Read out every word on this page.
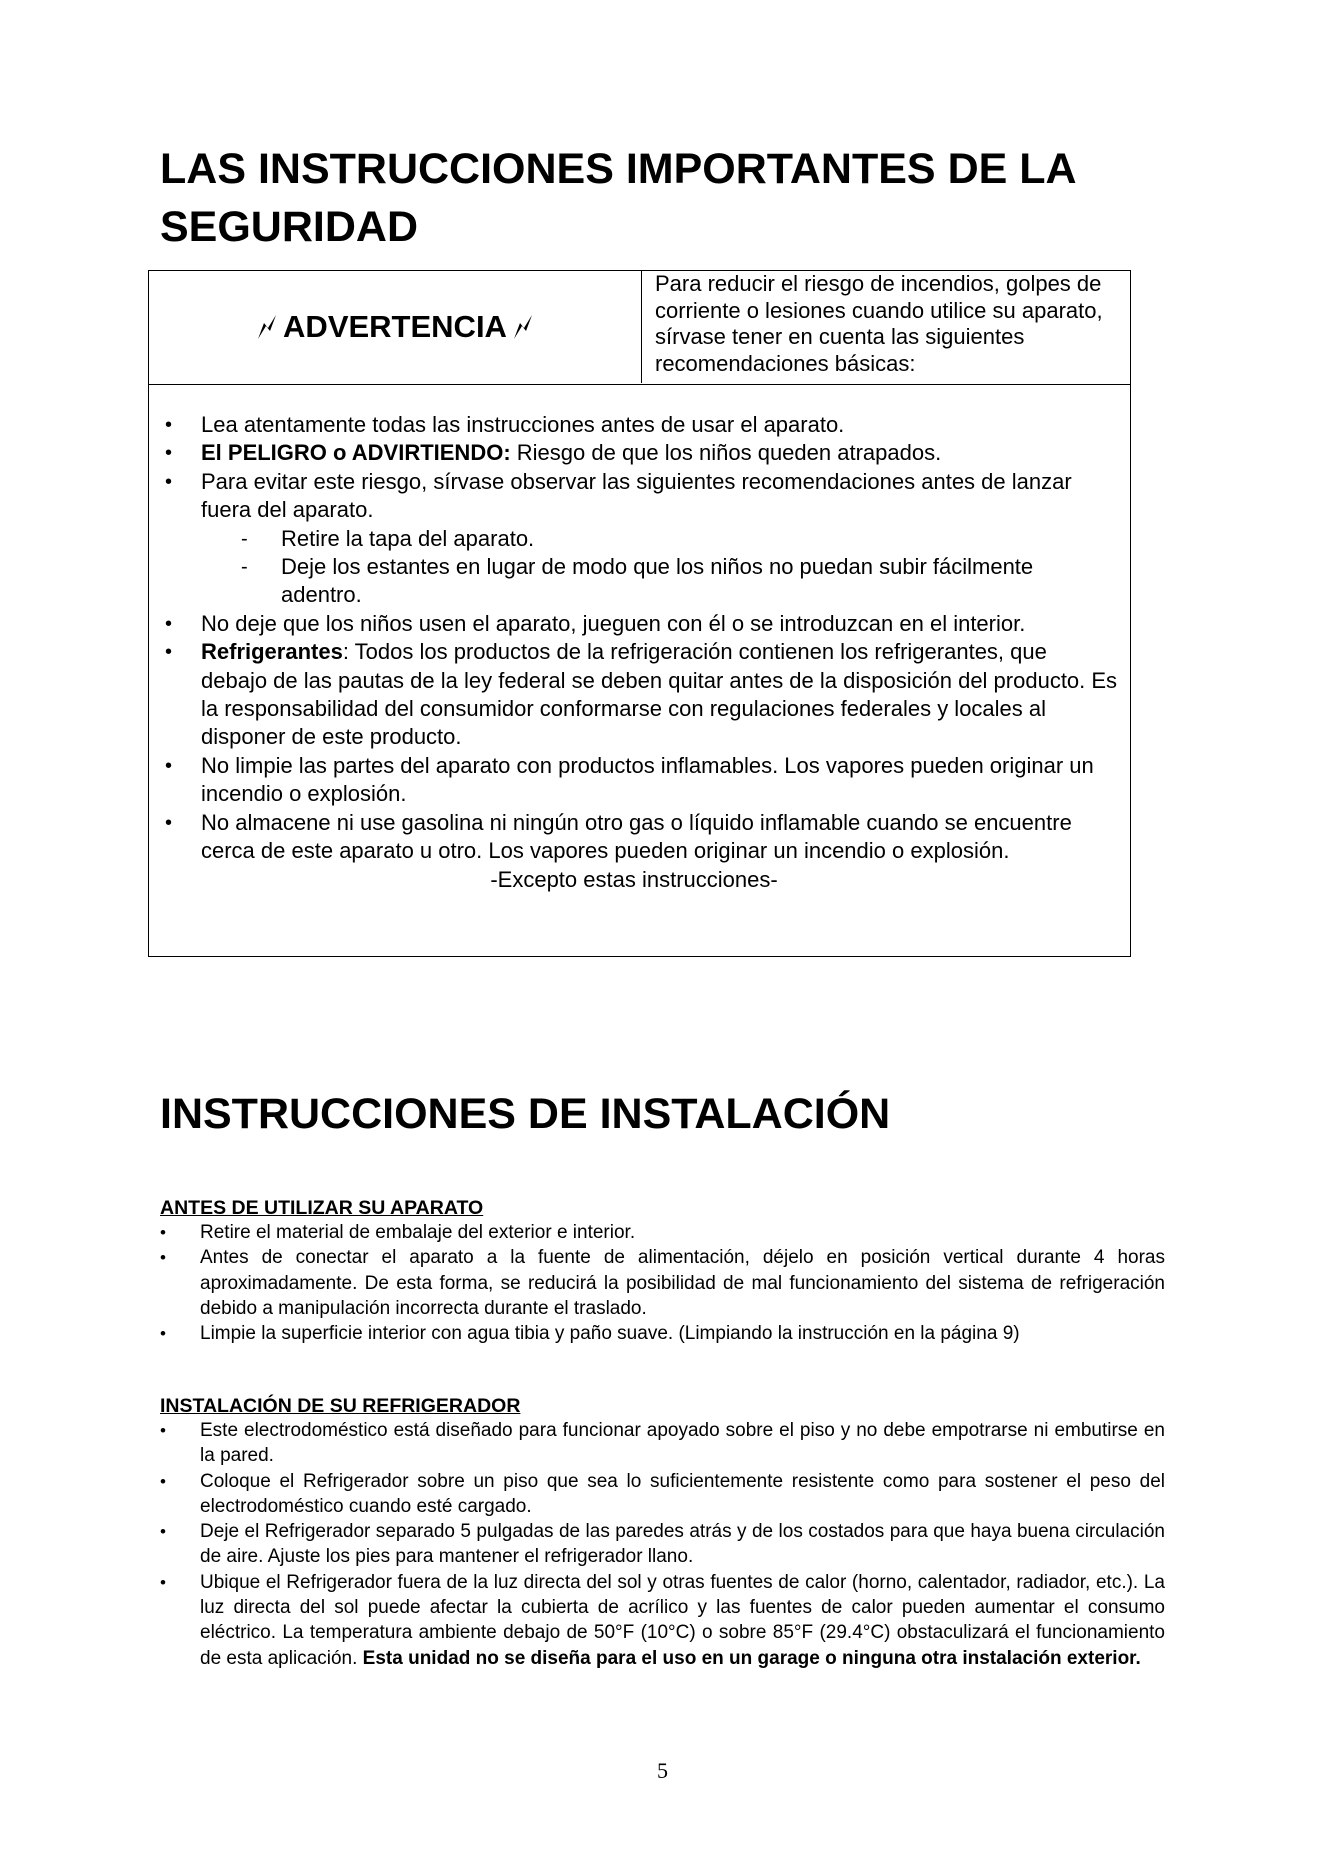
LAS INSTRUCCIONES IMPORTANTES DE LA SEGURIDAD
ADVERTENCIA
Para reducir el riesgo de incendios, golpes de corriente o lesiones cuando utilice su aparato, sírvase tener en cuenta las siguientes recomendaciones básicas:
• Lea atentamente todas las instrucciones antes de usar el aparato.
• El PELIGRO o ADVIRTIENDO: Riesgo de que los niños queden atrapados.
• Para evitar este riesgo, sírvase observar las siguientes recomendaciones antes de lanzar fuera del aparato.
- Retire la tapa del aparato.
- Deje los estantes en lugar de modo que los niños no puedan subir fácilmente adentro.
• No deje que los niños usen el aparato, jueguen con él o se introduzcan en el interior.
• Refrigerantes: Todos los productos de la refrigeración contienen los refrigerantes, que debajo de las pautas de la ley federal se deben quitar antes de la disposición del producto. Es la responsabilidad del consumidor conformarse con regulaciones federales y locales al disponer de este producto.
• No limpie las partes del aparato con productos inflamables. Los vapores pueden originar un incendio o explosión.
• No almacene ni use gasolina ni ningún otro gas o líquido inflamable cuando se encuentre cerca de este aparato u otro. Los vapores pueden originar un incendio o explosión.
-Excepto estas instrucciones-
INSTRUCCIONES DE INSTALACIÓN
ANTES DE UTILIZAR SU APARATO
• Retire el material de embalaje del exterior e interior.
• Antes de conectar el aparato a la fuente de alimentación, déjelo en posición vertical durante 4 horas aproximadamente. De esta forma, se reducirá la posibilidad de mal funcionamiento del sistema de refrigeración debido a manipulación incorrecta durante el traslado.
• Limpie la superficie interior con agua tibia y paño suave. (Limpiando la instrucción en la página 9)
INSTALACIÓN DE SU REFRIGERADOR
• Este electrodoméstico está diseñado para funcionar apoyado sobre el piso y no debe empotrarse ni embutirse en la pared.
• Coloque el Refrigerador sobre un piso que sea lo suficientemente resistente como para sostener el peso del electrodoméstico cuando esté cargado.
• Deje el Refrigerador separado 5 pulgadas de las paredes atrás y de los costados para que haya buena circulación de aire. Ajuste los pies para mantener el refrigerador llano.
• Ubique el Refrigerador fuera de la luz directa del sol y otras fuentes de calor (horno, calentador, radiador, etc.). La luz directa del sol puede afectar la cubierta de acrílico y las fuentes de calor pueden aumentar el consumo eléctrico. La temperatura ambiente debajo de 50°F (10°C) o sobre 85°F (29.4°C) obstaculizará el funcionamiento de esta aplicación. Esta unidad no se diseña para el uso en un garage o ninguna otra instalación exterior.
5
